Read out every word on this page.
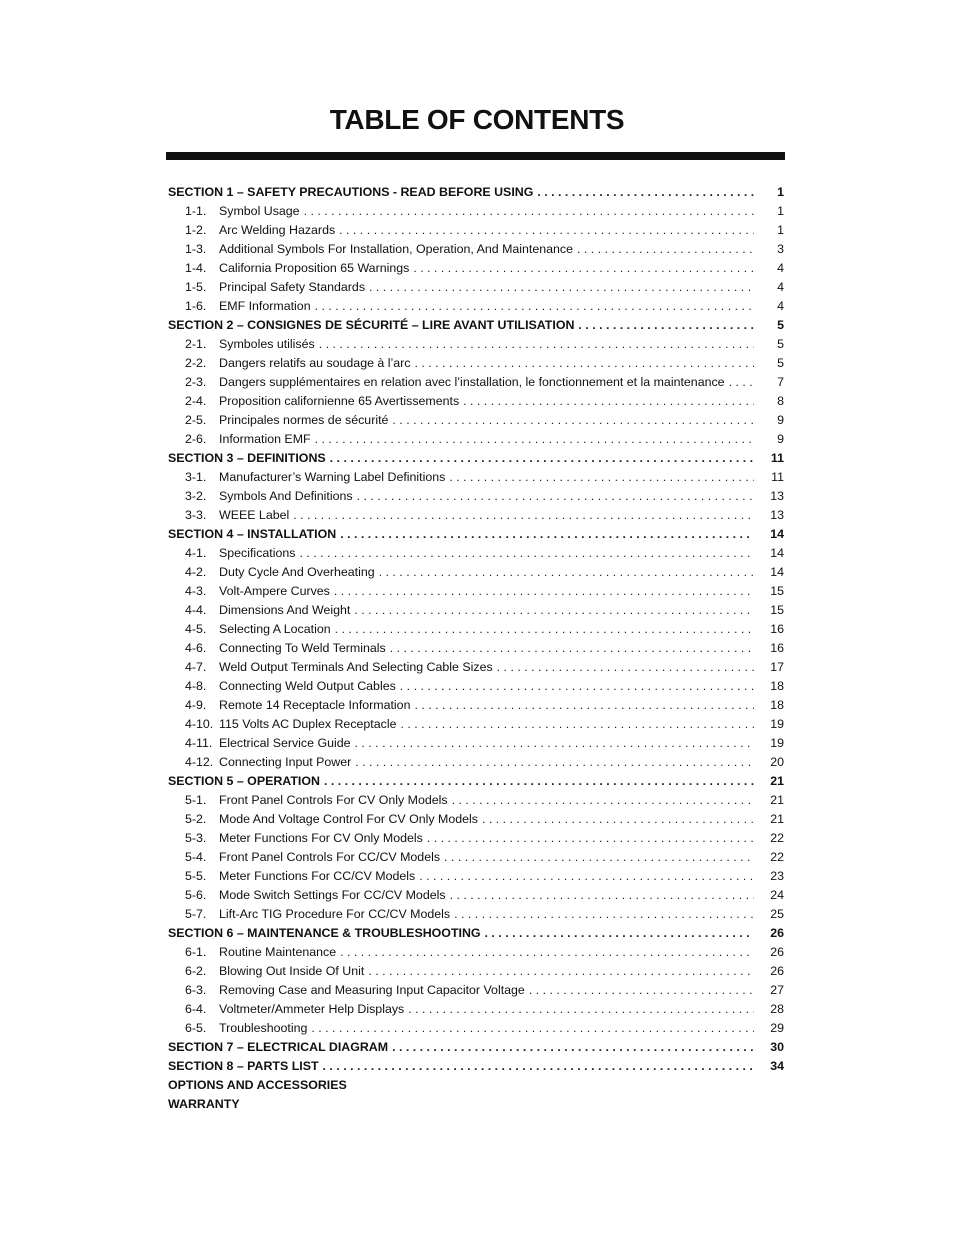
TABLE OF CONTENTS
SECTION 1 – SAFETY PRECAUTIONS - READ BEFORE USING . . .	1
1-1.	Symbol Usage . . .	1
1-2.	Arc Welding Hazards . . .	1
1-3.	Additional Symbols For Installation, Operation, And Maintenance . . .	3
1-4.	California Proposition 65 Warnings . . .	4
1-5.	Principal Safety Standards . . .	4
1-6.	EMF Information . . .	4
SECTION 2 – CONSIGNES DE SÉCURITÉ – LIRE AVANT UTILISATION . . .	5
2-1.	Symboles utilisés . . .	5
2-2.	Dangers relatifs au soudage à l’arc . . .	5
2-3.	Dangers supplémentaires en relation avec l’installation, le fonctionnement et la maintenance . . .	7
2-4.	Proposition californienne 65 Avertissements . . .	8
2-5.	Principales normes de sécurité . . .	9
2-6.	Information EMF . . .	9
SECTION 3 – DEFINITIONS . . .	11
3-1.	Manufacturer’s Warning Label Definitions . . .	11
3-2.	Symbols And Definitions . . .	13
3-3.	WEEE Label . . .	13
SECTION 4 – INSTALLATION . . .	14
4-1.	Specifications . . .	14
4-2.	Duty Cycle And Overheating . . .	14
4-3.	Volt-Ampere Curves . . .	15
4-4.	Dimensions And Weight . . .	15
4-5.	Selecting A Location . . .	16
4-6.	Connecting To Weld Terminals . . .	16
4-7.	Weld Output Terminals And Selecting Cable Sizes . . .	17
4-8.	Connecting Weld Output Cables . . .	18
4-9.	Remote 14 Receptacle Information . . .	18
4-10. 115 Volts AC Duplex Receptacle . . .	19
4-11. Electrical Service Guide . . .	19
4-12. Connecting Input Power . . .	20
SECTION 5 – OPERATION . . .	21
5-1.	Front Panel Controls For CV Only Models . . .	21
5-2.	Mode And Voltage Control For CV Only Models . . .	21
5-3.	Meter Functions For CV Only Models . . .	22
5-4.	Front Panel Controls For CC/CV Models . . .	22
5-5.	Meter Functions For CC/CV Models . . .	23
5-6.	Mode Switch Settings For CC/CV Models . . .	24
5-7.	Lift-Arc TIG Procedure For CC/CV Models . . .	25
SECTION 6 – MAINTENANCE & TROUBLESHOOTING . . .	26
6-1.	Routine Maintenance . . .	26
6-2.	Blowing Out Inside Of Unit . . .	26
6-3.	Removing Case and Measuring Input Capacitor Voltage . . .	27
6-4.	Voltmeter/Ammeter Help Displays . . .	28
6-5.	Troubleshooting . . .	29
SECTION 7 – ELECTRICAL DIAGRAM . . .	30
SECTION 8 – PARTS LIST . . .	34
OPTIONS AND ACCESSORIES
WARRANTY
